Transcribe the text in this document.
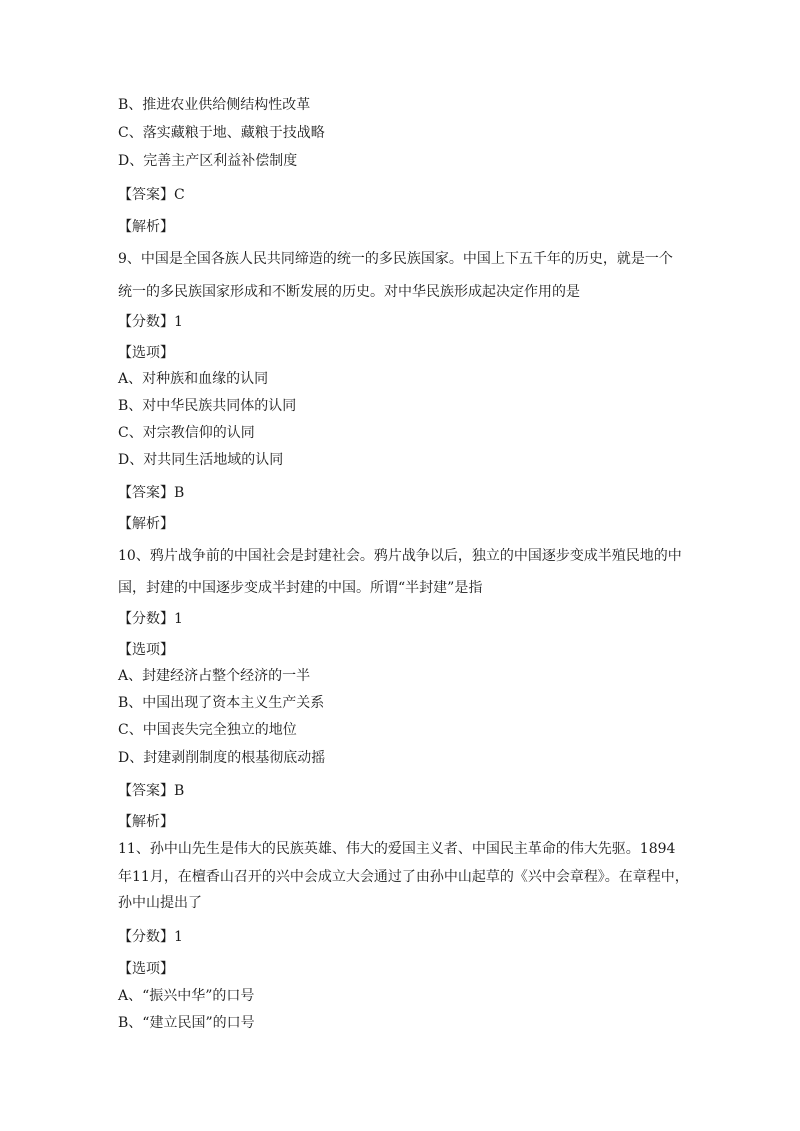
B、推进农业供给侧结构性改革
C、落实藏粮于地、藏粮于技战略
D、完善主产区利益补偿制度
【答案】C
【解析】
9、中国是全国各族人民共同缔造的统一的多民族国家。中国上下五千年的历史，就是一个
统一的多民族国家形成和不断发展的历史。对中华民族形成起决定作用的是
【分数】1
【选项】
A、对种族和血缘的认同
B、对中华民族共同体的认同
C、对宗教信仰的认同
D、对共同生活地域的认同
【答案】B
【解析】
10、鸦片战争前的中国社会是封建社会。鸦片战争以后，独立的中国逐步变成半殖民地的中
国，封建的中国逐步变成半封建的中国。所谓“半封建”是指
【分数】1
【选项】
A、封建经济占整个经济的一半
B、中国出现了资本主义生产关系
C、中国丧失完全独立的地位
D、封建剥削制度的根基彻底动摇
【答案】B
【解析】
11、孙中山先生是伟大的民族英雄、伟大的爱国主义者、中国民主革命的伟大先驱。1894
年11月，在檀香山召开的兴中会成立大会通过了由孙中山起草的《兴中会章程》。在章程中，
孙中山提出了
【分数】1
【选项】
A、“振兴中华”的口号
B、“建立民国”的口号
